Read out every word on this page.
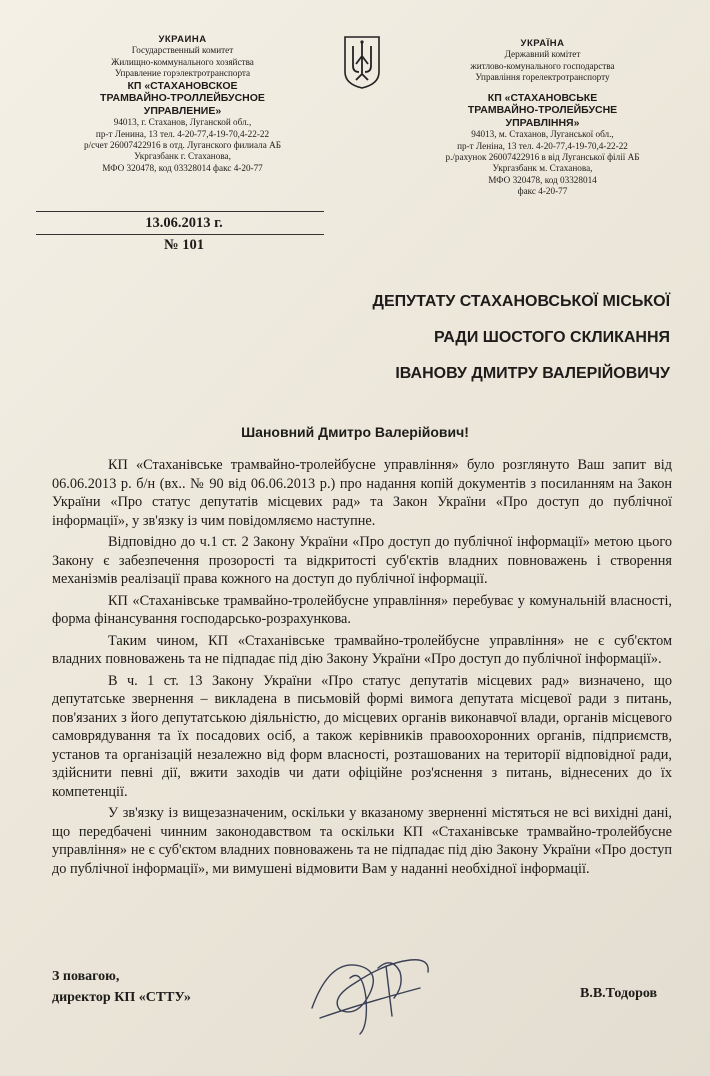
УКРАИНА
Государственный комитет
Жилищно-коммунального хозяйства
Управление горэлектротранспорта
КП «СТАХАНОВСКОЕ
ТРАМВАЙНО-ТРОЛЛЕЙБУСНОЕ
УПРАВЛЕНИЕ»
94013, г. Стаханов, Луганской обл.,
пр-т Ленина, 13 тел. 4-20-77,4-19-70,4-22-22
р/счет 26007422916 в отд. Луганского филиала АБ
Укргазбанк г. Стаханова,
МФО 320478, код 03328014 факс 4-20-77
УКРАЇНА
Державний комітет
житлово-комунального господарства
Управління горелектротранспорту
КП «СТАХАНОВСЬКЕ
ТРАМВАЙНО-ТРОЛЕЙБУСНЕ
УПРАВЛІННЯ»
94013, м. Стаханов, Луганської обл.,
пр-т Леніна, 13 тел. 4-20-77,4-19-70,4-22-22
р./рахунок 26007422916 в від Луганської філії АБ
Укргазбанк м. Стаханова,
МФО 320478, код 03328014
факс 4-20-77
13.06.2013 г.
№ 101
ДЕПУТАТУ СТАХАНОВСЬКОЇ МІСЬКОЇ
РАДИ ШОСТОГО СКЛИКАННЯ
ІВАНОВУ ДМИТРУ ВАЛЕРІЙОВИЧУ
Шановний Дмитро Валерійович!

КП «Стаханівське трамвайно-тролейбусне управління» було розглянуто Ваш запит від 06.06.2013 р. б/н (вх.. № 90 від 06.06.2013 р.) про надання копій документів з посиланням на Закон України «Про статус депутатів місцевих рад» та Закон України «Про доступ до публічної інформації», у зв'язку із чим повідомляємо наступне.

Відповідно до ч.1 ст. 2 Закону України «Про доступ до публічної інформації» метою цього Закону є забезпечення прозорості та відкритості суб'єктів владних повноважень і створення механізмів реалізації права кожного на доступ до публічної інформації.

КП «Стаханівське трамвайно-тролейбусне управління» перебуває у комунальній власності, форма фінансування господарсько-розрахункова.

Таким чином, КП «Стаханівське трамвайно-тролейбусне управління» не є суб'єктом владних повноважень та не підпадає під дію Закону України «Про доступ до публічної інформації».

В ч. 1 ст. 13 Закону України «Про статус депутатів місцевих рад» визначено, що депутатське звернення – викладена в письмовій формі вимога депутата місцевої ради з питань, пов'язаних з його депутатською діяльністю, до місцевих органів виконавчої влади, органів місцевого самоврядування та їх посадових осіб, а також керівників правоохоронних органів, підприємств, установ та організацій незалежно від форм власності, розташованих на території відповідної ради, здійснити певні дії, вжити заходів чи дати офіційне роз'яснення з питань, віднесених до їх компетенції.

У зв'язку із вищезазначеним, оскільки у вказаному зверненні містяться не всі вихідні дані, що передбачені чинним законодавством та оскільки КП «Стаханівське трамвайно-тролейбусне управління» не є суб'єктом владних повноважень та не підпадає під дію Закону України «Про доступ до публічної інформації», ми вимушені відмовити Вам у наданні необхідної інформації.

З повагою,
директор КП «СТТУ»	В.В.Тодоров
